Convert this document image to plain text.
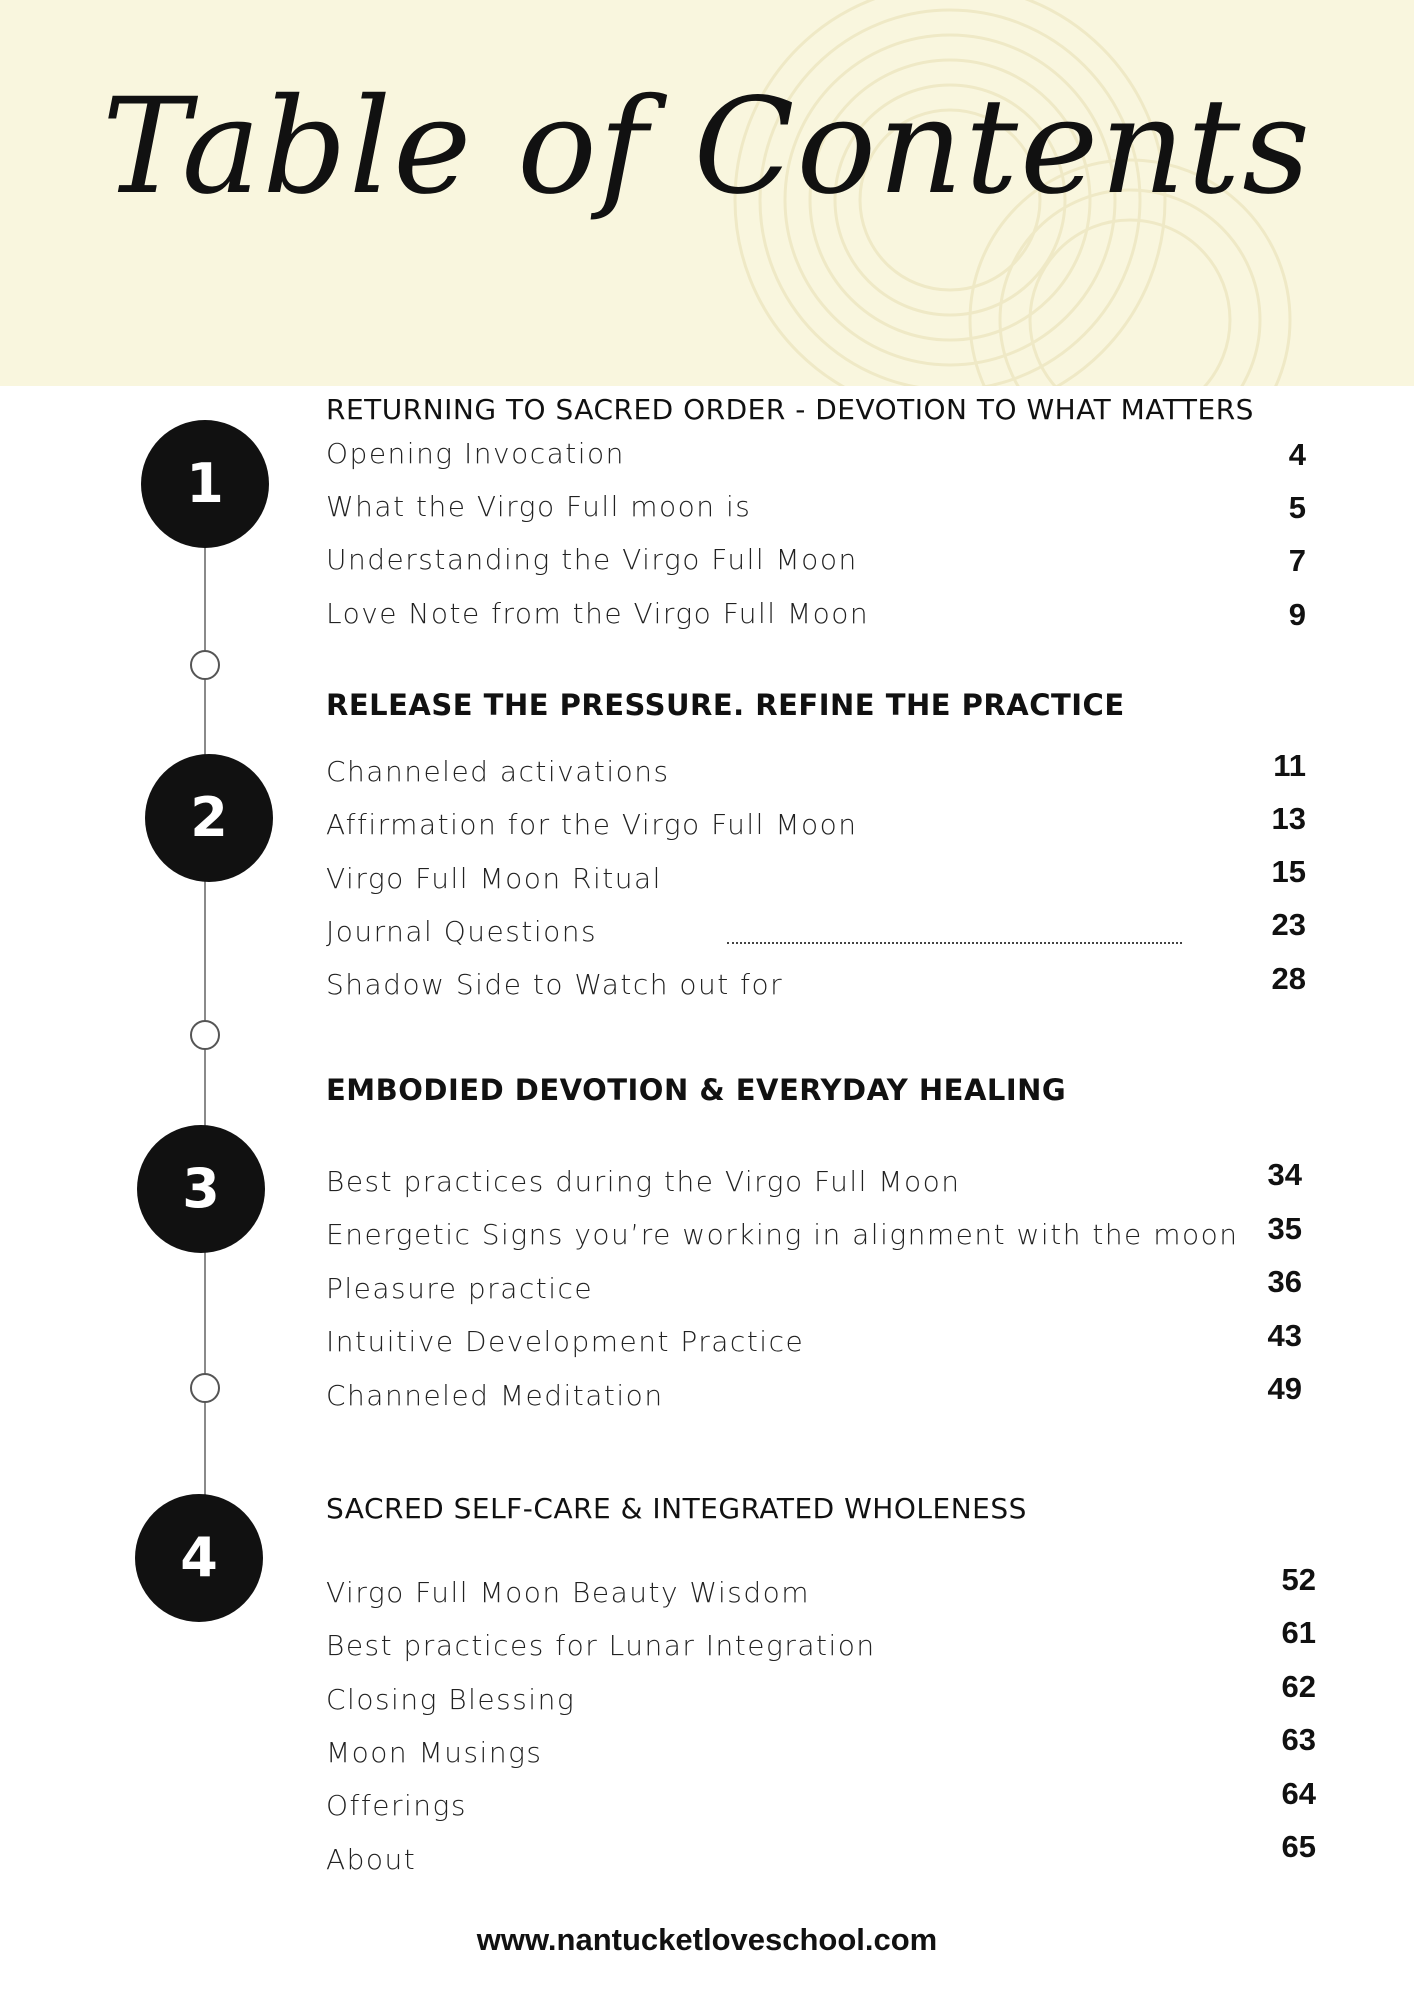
Table of Contents
1
2
3
4
RETURNING TO SACRED ORDER - DEVOTION TO WHAT MATTERS
Opening Invocation	4
What the Virgo Full moon is	5
Understanding the Virgo Full Moon	7
Love Note from the Virgo Full Moon	9
RELEASE THE PRESSURE. REFINE THE PRACTICE
Channeled activations	11
Affirmation for the Virgo Full Moon	13
Virgo Full Moon Ritual	15
Journal Questions	23
Shadow Side to Watch out for	28
EMBODIED DEVOTION & EVERYDAY HEALING
Best practices during the Virgo Full Moon	34
Energetic Signs you’re working in alignment with the moon 35
Pleasure practice	36
Intuitive Development Practice	43
Channeled Meditation	49
SACRED SELF-CARE & INTEGRATED WHOLENESS
Virgo Full Moon Beauty Wisdom	52
Best practices for Lunar Integration	61
Closing Blessing	62
Moon Musings	63
Offerings	64
About	65
www.nantucketloveschool.com
